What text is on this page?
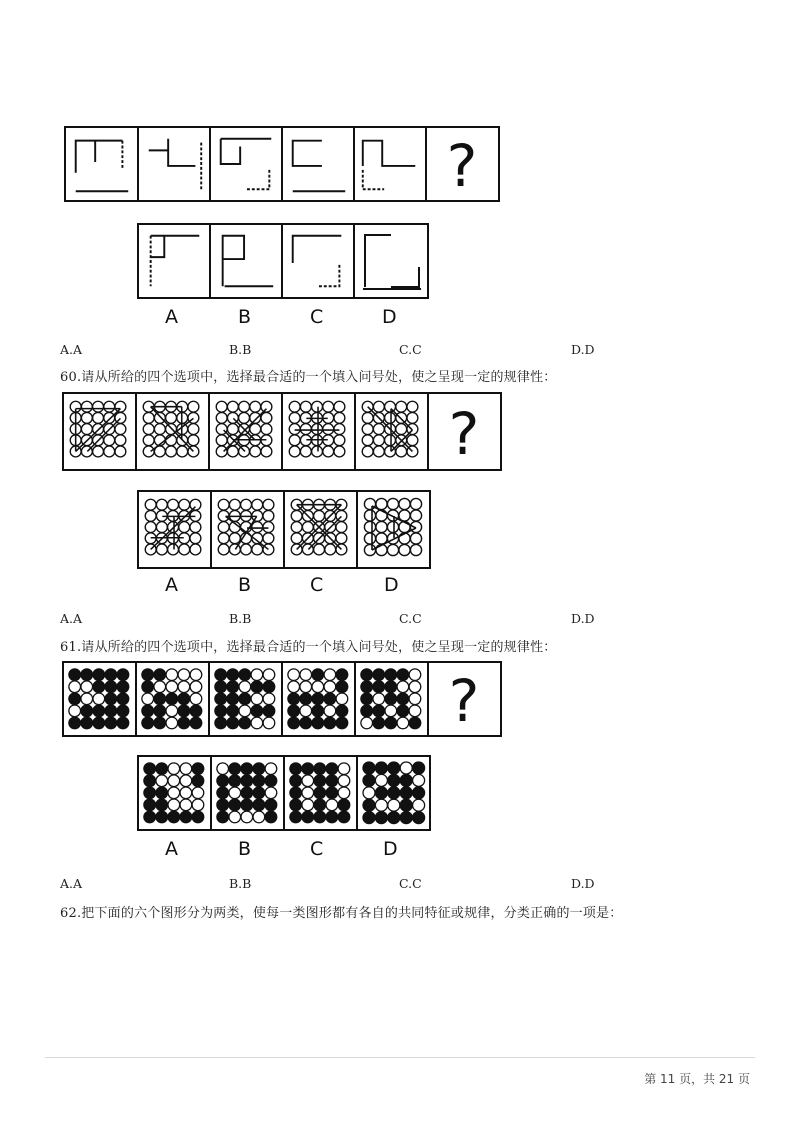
?
A	B	C	D
A.A	B.B	C.C	D.D
60.请从所给的四个选项中，选择最合适的一个填入问号处，使之呈现一定的规律性：
?
A	B	C	D
A.A	B.B	C.C	D.D
61.请从所给的四个选项中，选择最合适的一个填入问号处，使之呈现一定的规律性：
?
A	B	C	D
A.A	B.B	C.C	D.D
62.把下面的六个图形分为两类，使每一类图形都有各自的共同特征或规律，分类正确的一项是：
第 11 页，共 21 页
